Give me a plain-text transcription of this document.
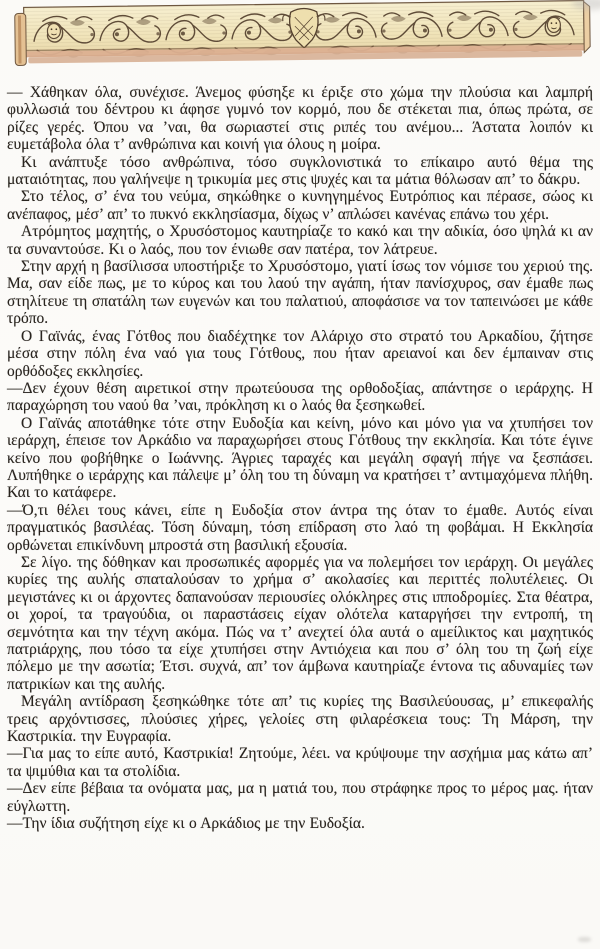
— Χάθηκαν όλα, συνέχισε. Άνεμος φύσηξε κι έριξε στο χώμα την πλούσια και λαμπρή φυλλωσιά του δέντρου κι άφησε γυμνό τον κορμό, που δε στέκεται πια, όπως πρώτα, σε ρίζες γερές. Όπου να ’ναι, θα σωριαστεί στις ριπές του ανέμου... Άστατα λοιπόν κι ευμετάβολα όλα τ’ ανθρώπινα και κοινή για όλους η μοίρα.

Κι ανάπτυξε τόσο ανθρώπινα, τόσο συγκλονιστικά το επίκαιρο αυτό θέμα της ματαιότητας, που γαλήνεψε η τρικυμία μες στις ψυχές και τα μάτια θόλωσαν απ’ το δάκρυ.

Στο τέλος, σ’ ένα του νεύμα, σηκώθηκε ο κυνηγημένος Ευτρόπιος και πέρασε, σώος κι ανέπαφος, μέσ’ απ’ το πυκνό εκκλησίασμα, δίχως ν’ απλώσει κανένας επάνω του χέρι.

Ατρόμητος μαχητής, ο Χρυσόστομος καυτηρίαζε το κακό και την αδικία, όσο ψηλά κι αν τα συναντούσε. Κι ο λαός, που τον ένιωθε σαν πατέρα, τον λάτρευε.

Στην αρχή η βασίλισσα υποστήριξε το Χρυσόστομο, γιατί ίσως τον νόμισε του χεριού της. Μα, σαν είδε πως, με το κύρος και του λαού την αγάπη, ήταν πανίσχυρος, σαν έμαθε πως στηλίτευε τη σπατάλη των ευγενών και του παλατιού, αποφάσισε να τον ταπεινώσει με κάθε τρόπο.

Ο Γαϊνάς, ένας Γότθος που διαδέχτηκε τον Αλάριχο στο στρατό του Αρκαδίου, ζήτησε μέσα στην πόλη ένα ναό για τους Γότθους, που ήταν αρειανοί και δεν έμπαιναν στις ορθόδοξες εκκλησίες.

—Δεν έχουν θέση αιρετικοί στην πρωτεύουσα της ορθοδοξίας, απάντησε ο ιεράρχης. Η παραχώρηση του ναού θα ’ναι, πρόκληση κι ο λαός θα ξεσηκωθεί.

Ο Γαϊνάς αποτάθηκε τότε στην Ευδοξία και κείνη, μόνο και μόνο για να χτυπήσει τον ιεράρχη, έπεισε τον Αρκάδιο να παραχωρήσει στους Γότθους την εκκλησία. Και τότε έγινε κείνο που φοβήθηκε ο Ιωάννης. Άγριες ταραχές και μεγάλη σφαγή πήγε να ξεσπάσει. Λυπήθηκε ο ιεράρχης και πάλεψε μ’ όλη του τη δύναμη να κρατήσει τ’ αντιμαχόμενα πλήθη. Και το κατάφερε.

—Ό,τι θέλει τους κάνει, είπε η Ευδοξία στον άντρα της όταν το έμαθε. Αυτός είναι πραγματικός βασιλέας. Τόση δύναμη, τόση επίδραση στο λαό τη φοβάμαι. Η Εκκλησία ορθώνεται επικίνδυνη μπροστά στη βασιλική εξουσία.

Σε λίγο. της δόθηκαν και προσωπικές αφορμές για να πολεμήσει τον ιεράρχη. Οι μεγάλες κυρίες της αυλής σπαταλούσαν το χρήμα σ’ ακολασίες και περιττές πολυτέλειες. Οι μεγιστάνες κι οι άρχοντες δαπανούσαν περιουσίες ολόκληρες στις ιπποδρομίες. Στα θέατρα, οι χοροί, τα τραγούδια, οι παραστάσεις είχαν ολότελα καταργήσει την εντροπή, τη σεμνότητα και την τέχνη ακόμα. Πώς να τ’ ανεχτεί όλα αυτά ο αμείλικτος και μαχητικός πατριάρχης, που τόσο τα είχε χτυπήσει στην Αντιόχεια και που σ’ όλη του τη ζωή είχε πόλεμο με την ασωτία; Έτσι. συχνά, απ’ τον άμβωνα καυτηρίαζε έντονα τις αδυναμίες των πατρικίων και της αυλής.

Μεγάλη αντίδραση ξεσηκώθηκε τότε απ’ τις κυρίες της Βασιλεύουσας, μ’ επικεφαλής τρεις αρχόντισσες, πλούσιες χήρες, γελοίες στη φιλαρέσκεια τους: Τη Μάρση, την Καστρικία. την Ευγραφία.

—Για μας το είπε αυτό, Καστρικία! Ζητούμε, λέει. να κρύψουμε την ασχήμια μας κάτω απ’ τα ψιμύθια και τα στολίδια.

—Δεν είπε βέβαια τα ονόματα μας, μα η ματιά του, που στράφηκε προς το μέρος μας. ήταν εύγλωττη.

—Την ίδια συζήτηση είχε κι ο Αρκάδιος με την Ευδοξία.
